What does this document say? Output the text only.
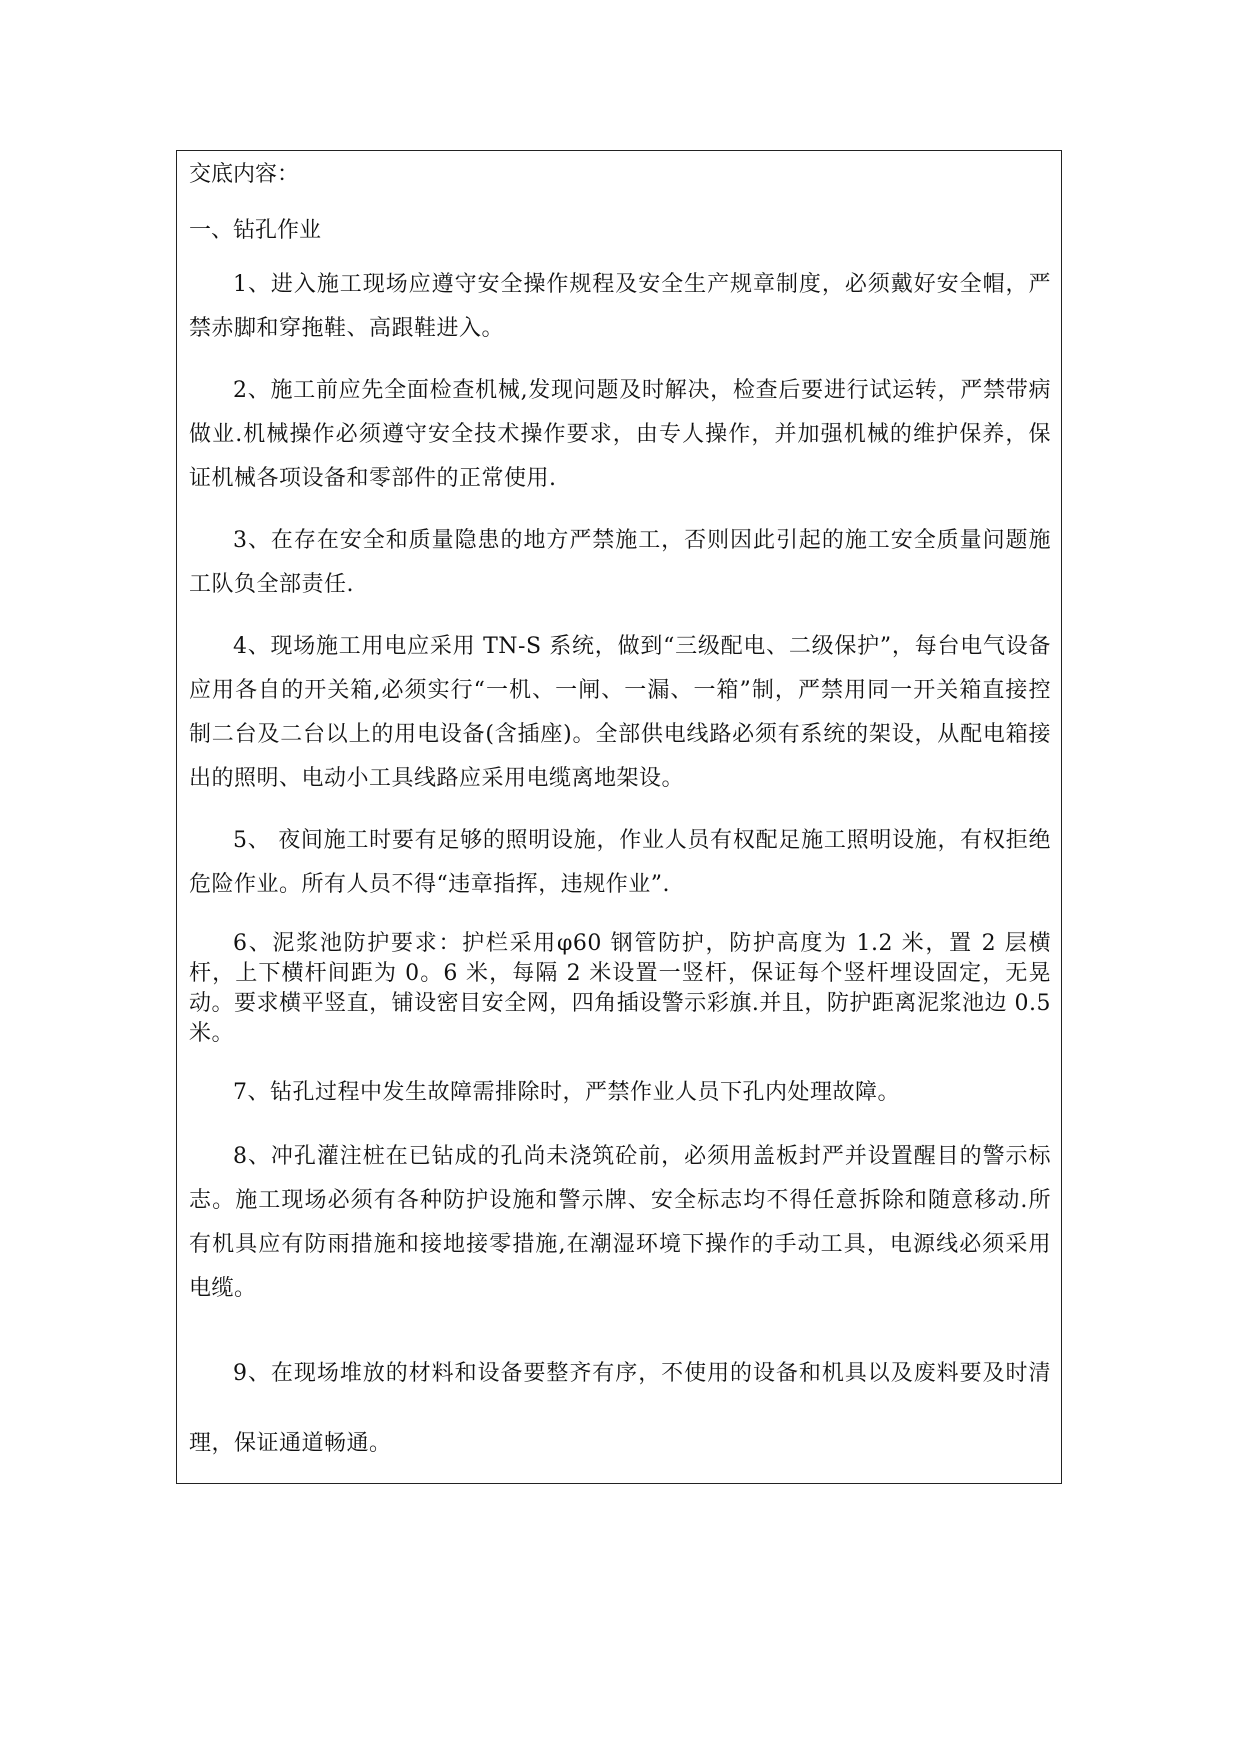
交底内容：

一、钻孔作业

1、进入施工现场应遵守安全操作规程及安全生产规章制度，必须戴好安全帽，严禁赤脚和穿拖鞋、高跟鞋进入。

2、施工前应先全面检查机械,发现问题及时解决，检查后要进行试运转，严禁带病做业.机械操作必须遵守安全技术操作要求，由专人操作，并加强机械的维护保养，保证机械各项设备和零部件的正常使用.

3、在存在安全和质量隐患的地方严禁施工，否则因此引起的施工安全质量问题施工队负全部责任.

4、现场施工用电应采用 TN-S 系统，做到“三级配电、二级保护”，每台电气设备应用各自的开关箱,必须实行“一机、一闸、一漏、一箱”制，严禁用同一开关箱直接控制二台及二台以上的用电设备(含插座)。全部供电线路必须有系统的架设，从配电箱接出的照明、电动小工具线路应采用电缆离地架设。

5、 夜间施工时要有足够的照明设施，作业人员有权配足施工照明设施，有权拒绝危险作业。所有人员不得“违章指挥，违规作业”.

6、泥浆池防护要求：护栏采用φ60 钢管防护，防护高度为 1.2 米，置 2 层横杆，上下横杆间距为 0。6 米，每隔 2 米设置一竖杆，保证每个竖杆埋设固定，无晃动。要求横平竖直，铺设密目安全网，四角插设警示彩旗.并且，防护距离泥浆池边 0.5 米。

7、钻孔过程中发生故障需排除时，严禁作业人员下孔内处理故障。

8、冲孔灌注桩在已钻成的孔尚未浇筑砼前，必须用盖板封严并设置醒目的警示标志。施工现场必须有各种防护设施和警示牌、安全标志均不得任意拆除和随意移动.所有机具应有防雨措施和接地接零措施,在潮湿环境下操作的手动工具，电源线必须采用电缆。

9、在现场堆放的材料和设备要整齐有序，不使用的设备和机具以及废料要及时清理，保证通道畅通。
